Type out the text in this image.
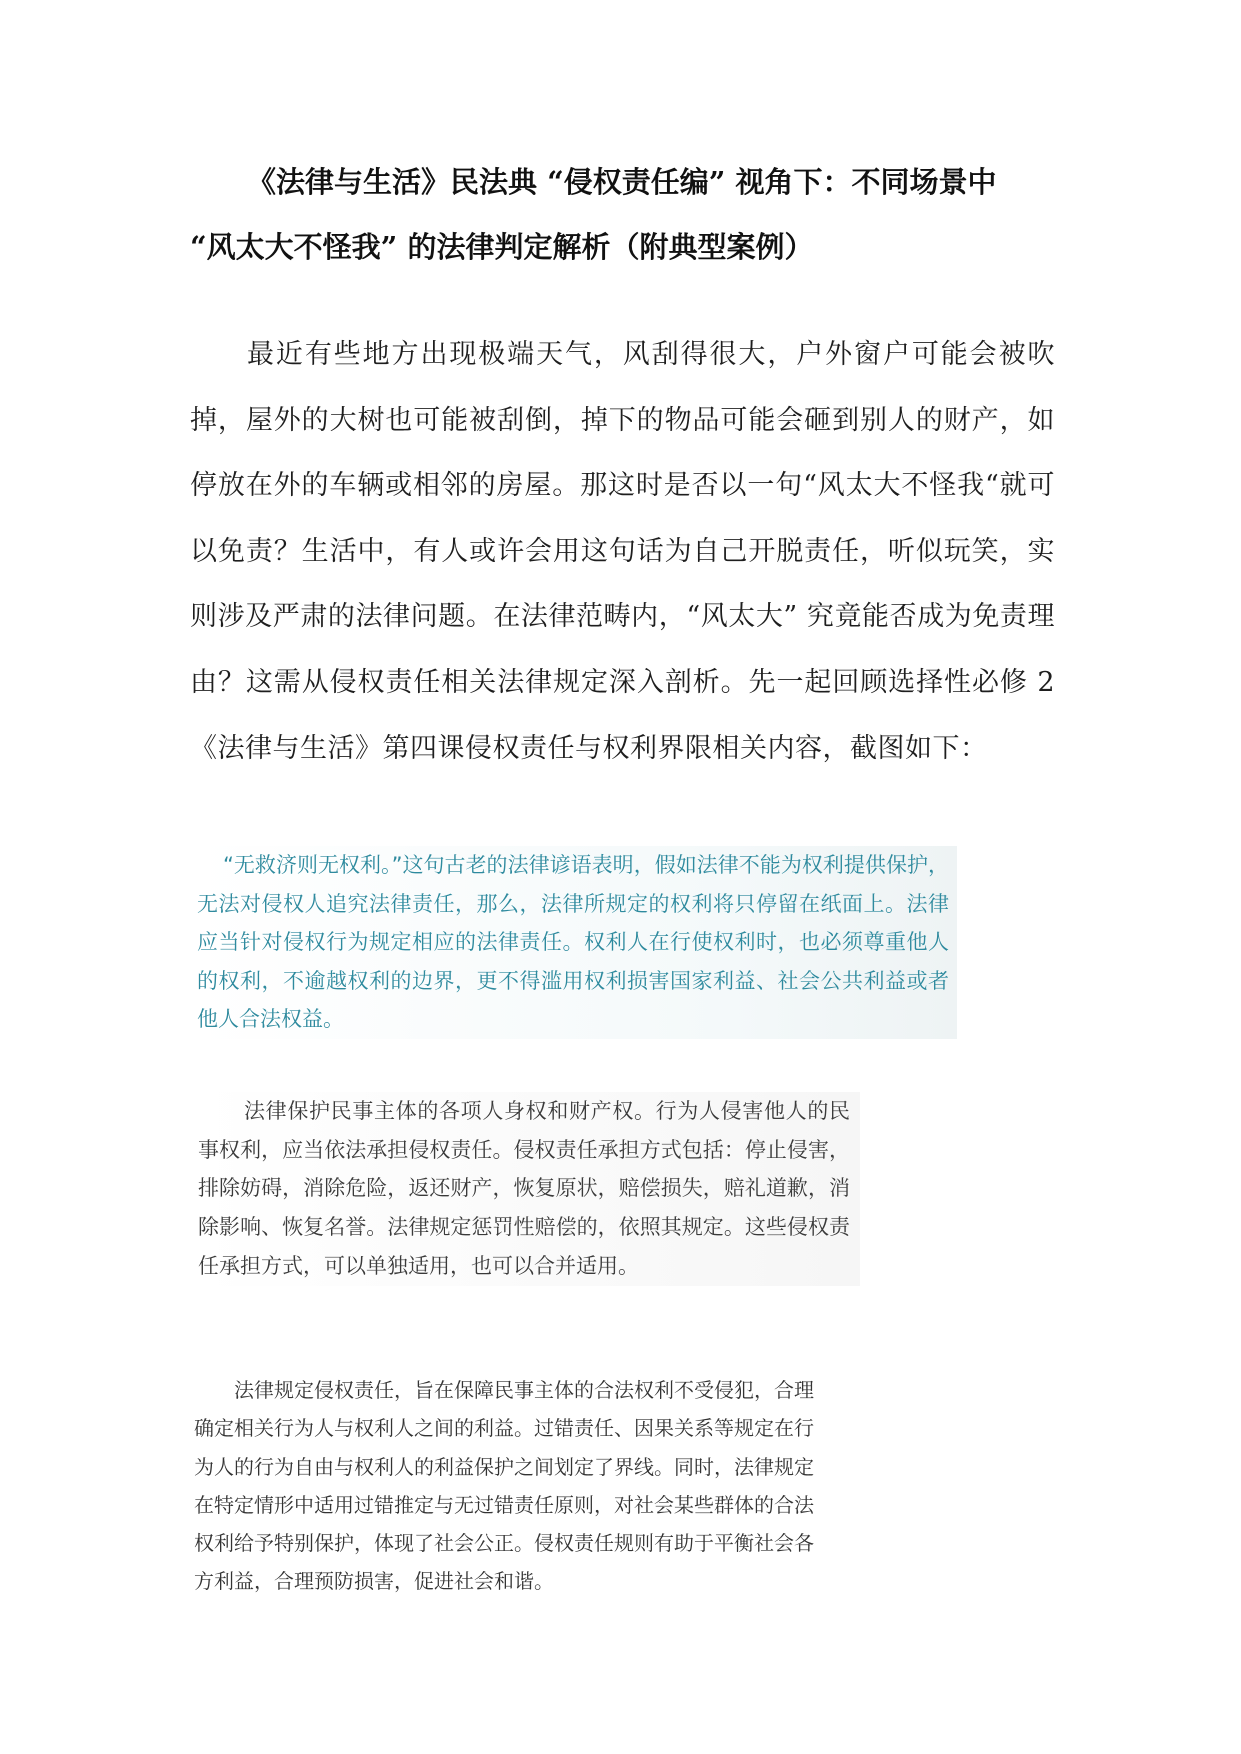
《法律与生活》民法典 “侵权责任编” 视角下：不同场景中
“风太大不怪我” 的法律判定解析（附典型案例）

最近有些地方出现极端天气，风刮得很大，户外窗户可能会被吹掉，屋外的大树也可能被刮倒，掉下的物品可能会砸到别人的财产，如停放在外的车辆或相邻的房屋。那这时是否以一句“风太大不怪我“就可以免责？生活中，有人或许会用这句话为自己开脱责任，听似玩笑，实则涉及严肃的法律问题。在法律范畴内，“风太大” 究竟能否成为免责理由？这需从侵权责任相关法律规定深入剖析。先一起回顾选择性必修 2《法律与生活》第四课侵权责任与权利界限相关内容，截图如下：

“无救济则无权利。”这句古老的法律谚语表明，假如法律不能为权利提供保护，无法对侵权人追究法律责任，那么，法律所规定的权利将只停留在纸面上。法律应当针对侵权行为规定相应的法律责任。权利人在行使权利时，也必须尊重他人的权利，不逾越权利的边界，更不得滥用权利损害国家利益、社会公共利益或者他人合法权益。

法律保护民事主体的各项人身权和财产权。行为人侵害他人的民事权利，应当依法承担侵权责任。侵权责任承担方式包括：停止侵害，排除妨碍，消除危险，返还财产，恢复原状，赔偿损失，赔礼道歉，消除影响、恢复名誉。法律规定惩罚性赔偿的，依照其规定。这些侵权责任承担方式，可以单独适用，也可以合并适用。

法律规定侵权责任，旨在保障民事主体的合法权利不受侵犯，合理确定相关行为人与权利人之间的利益。过错责任、因果关系等规定在行为人的行为自由与权利人的利益保护之间划定了界线。同时，法律规定在特定情形中适用过错推定与无过错责任原则，对社会某些群体的合法权利给予特别保护，体现了社会公正。侵权责任规则有助于平衡社会各方利益，合理预防损害，促进社会和谐。
